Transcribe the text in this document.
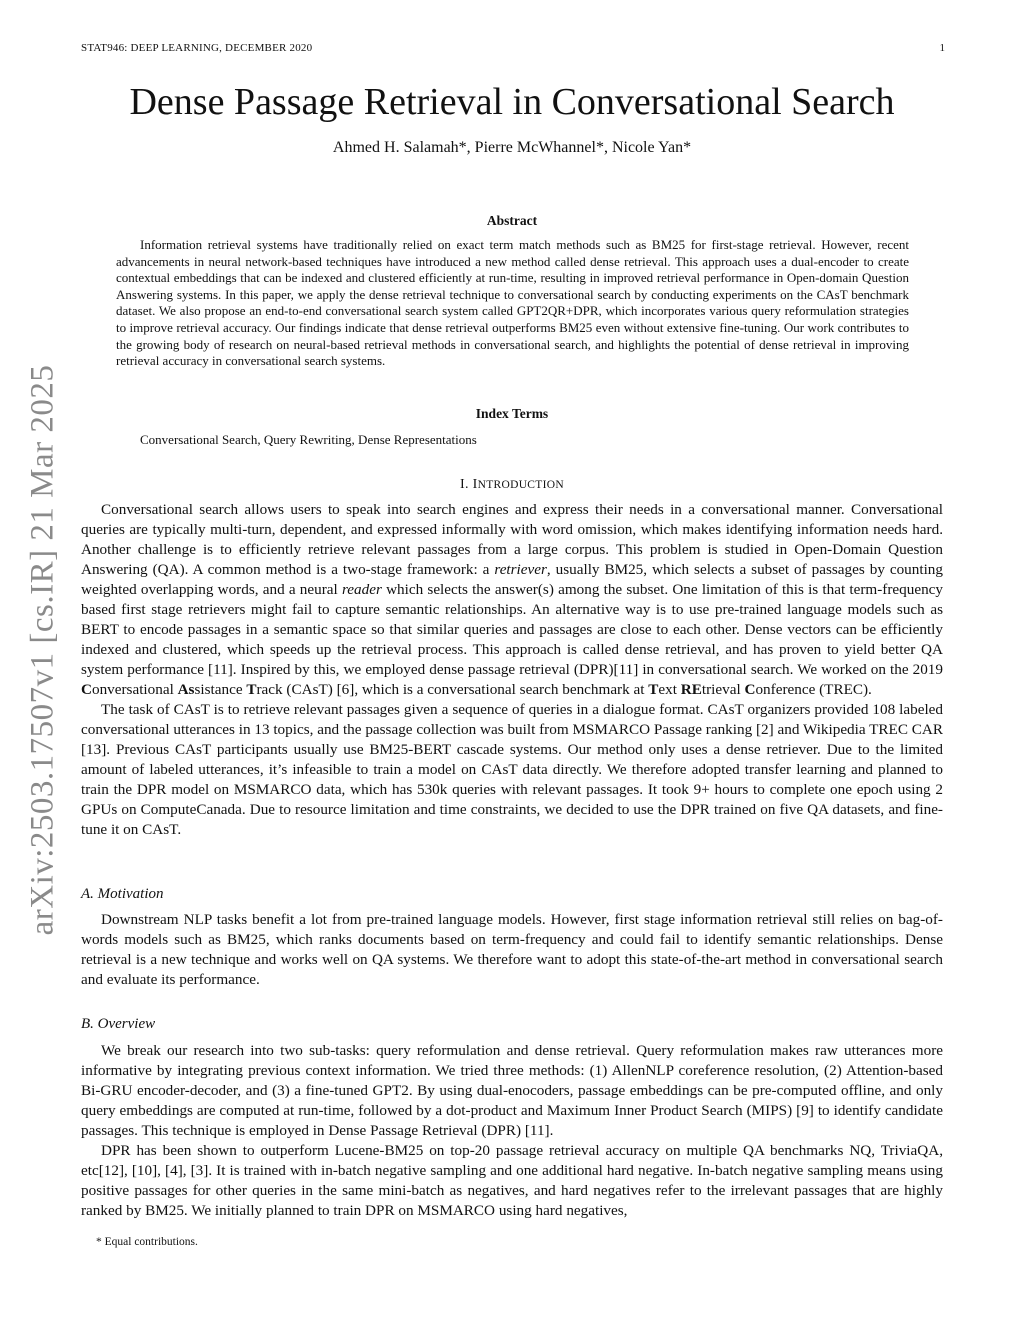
STAT946: DEEP LEARNING, DECEMBER 2020	1
arXiv:2503.17507v1 [cs.IR] 21 Mar 2025
Dense Passage Retrieval in Conversational Search
Ahmed H. Salamah*, Pierre McWhannel*, Nicole Yan*
Abstract
Information retrieval systems have traditionally relied on exact term match methods such as BM25 for first-stage retrieval. However, recent advancements in neural network-based techniques have introduced a new method called dense retrieval. This approach uses a dual-encoder to create contextual embeddings that can be indexed and clustered efficiently at run-time, resulting in improved retrieval performance in Open-domain Question Answering systems. In this paper, we apply the dense retrieval technique to conversational search by conducting experiments on the CAsT benchmark dataset. We also propose an end-to-end conversational search system called GPT2QR+DPR, which incorporates various query reformulation strategies to improve retrieval accuracy. Our findings indicate that dense retrieval outperforms BM25 even without extensive fine-tuning. Our work contributes to the growing body of research on neural-based retrieval methods in conversational search, and highlights the potential of dense retrieval in improving retrieval accuracy in conversational search systems.
Index Terms
Conversational Search, Query Rewriting, Dense Representations
I. INTRODUCTION

Conversational search allows users to speak into search engines and express their needs in a conversational manner. Conversational queries are typically multi-turn, dependent, and expressed informally with word omission, which makes identifying information needs hard. Another challenge is to efficiently retrieve relevant passages from a large corpus. This problem is studied in Open-Domain Question Answering (QA). A common method is a two-stage framework: a retriever, usually BM25, which selects a subset of passages by counting weighted overlapping words, and a neural reader which selects the answer(s) among the subset. One limitation of this is that term-frequency based first stage retrievers might fail to capture semantic relationships. An alternative way is to use pre-trained language models such as BERT to encode passages in a semantic space so that similar queries and passages are close to each other. Dense vectors can be efficiently indexed and clustered, which speeds up the retrieval process. This approach is called dense retrieval, and has proven to yield better QA system performance [11]. Inspired by this, we employed dense passage retrieval (DPR)[11] in conversational search. We worked on the 2019 Conversational Assistance Track (CAsT) [6], which is a conversational search benchmark at Text REtrieval Conference (TREC).

The task of CAsT is to retrieve relevant passages given a sequence of queries in a dialogue format. CAsT organizers provided 108 labeled conversational utterances in 13 topics, and the passage collection was built from MSMARCO Passage ranking [2] and Wikipedia TREC CAR [13]. Previous CAsT participants usually use BM25-BERT cascade systems. Our method only uses a dense retriever. Due to the limited amount of labeled utterances, it’s infeasible to train a model on CAsT data directly. We therefore adopted transfer learning and planned to train the DPR model on MSMARCO data, which has 530k queries with relevant passages. It took 9+ hours to complete one epoch using 2 GPUs on ComputeCanada. Due to resource limitation and time constraints, we decided to use the DPR trained on five QA datasets, and fine-tune it on CAsT.

A. Motivation

Downstream NLP tasks benefit a lot from pre-trained language models. However, first stage information retrieval still relies on bag-of-words models such as BM25, which ranks documents based on term-frequency and could fail to identify semantic relationships. Dense retrieval is a new technique and works well on QA systems. We therefore want to adopt this state-of-the-art method in conversational search and evaluate its performance.

B. Overview

We break our research into two sub-tasks: query reformulation and dense retrieval. Query reformulation makes raw utterances more informative by integrating previous context information. We tried three methods: (1) AllenNLP coreference resolution, (2) Attention-based Bi-GRU encoder-decoder, and (3) a fine-tuned GPT2. By using dual-enocoders, passage embeddings can be pre-computed offline, and only query embeddings are computed at run-time, followed by a dot-product and Maximum Inner Product Search (MIPS) [9] to identify candidate passages. This technique is employed in Dense Passage Retrieval (DPR) [11].

DPR has been shown to outperform Lucene-BM25 on top-20 passage retrieval accuracy on multiple QA benchmarks NQ, TriviaQA, etc[12], [10], [4], [3]. It is trained with in-batch negative sampling and one additional hard negative. In-batch negative sampling means using positive passages for other queries in the same mini-batch as negatives, and hard negatives refer to the irrelevant passages that are highly ranked by BM25. We initially planned to train DPR on MSMARCO using hard negatives,

* Equal contributions.
